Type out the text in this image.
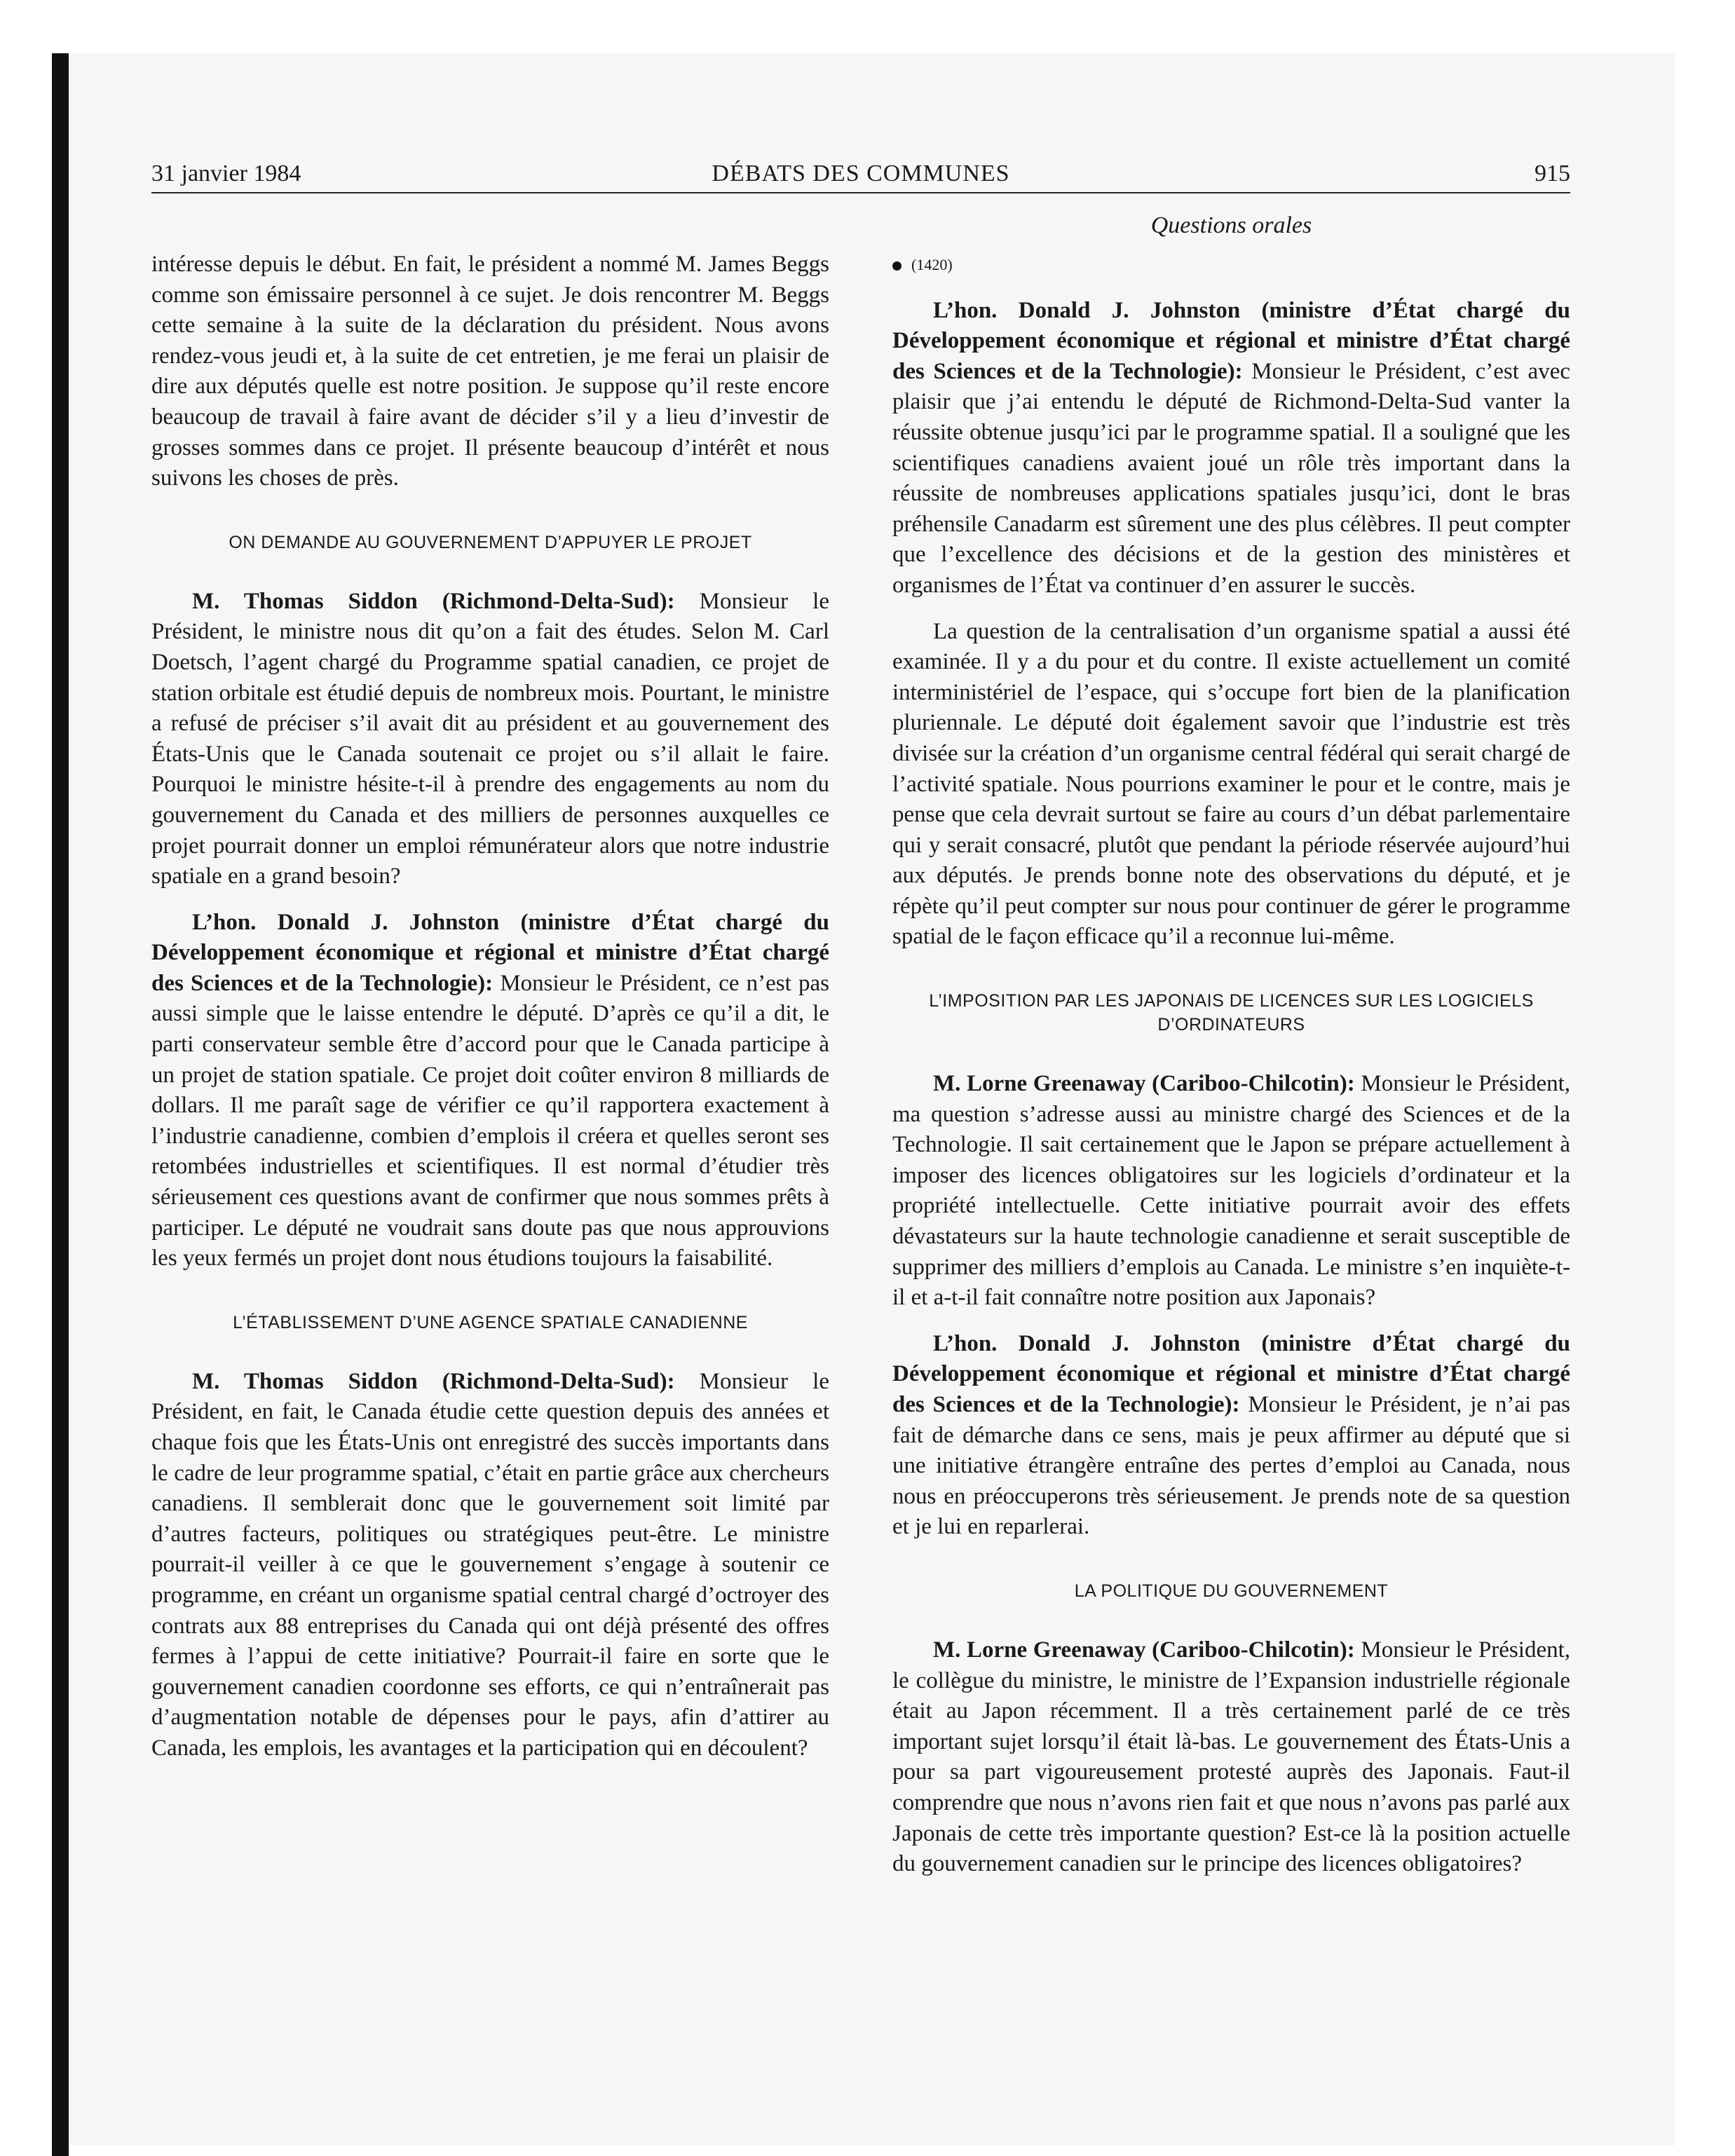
31 janvier 1984	DÉBATS DES COMMUNES	915
Questions orales

intéresse depuis le début. En fait, le président a nommé M. James Beggs comme son émissaire personnel à ce sujet. Je dois rencontrer M. Beggs cette semaine à la suite de la déclaration du président. Nous avons rendez-vous jeudi et, à la suite de cet entretien, je me ferai un plaisir de dire aux députés quelle est notre position. Je suppose qu’il reste encore beaucoup de travail à faire avant de décider s’il y a lieu d’investir de grosses sommes dans ce projet. Il présente beaucoup d’intérêt et nous suivons les choses de près.

ON DEMANDE AU GOUVERNEMENT D’APPUYER LE PROJET

M. Thomas Siddon (Richmond-Delta-Sud): Monsieur le Président, le ministre nous dit qu’on a fait des études. Selon M. Carl Doetsch, l’agent chargé du Programme spatial canadien, ce projet de station orbitale est étudié depuis de nombreux mois. Pourtant, le ministre a refusé de préciser s’il avait dit au président et au gouvernement des États-Unis que le Canada soutenait ce projet ou s’il allait le faire. Pourquoi le ministre hésite-t-il à prendre des engagements au nom du gouvernement du Canada et des milliers de personnes auxquelles ce projet pourrait donner un emploi rémunérateur alors que notre industrie spatiale en a grand besoin?

L’hon. Donald J. Johnston (ministre d’État chargé du Développement économique et régional et ministre d’État chargé des Sciences et de la Technologie): Monsieur le Président, ce n’est pas aussi simple que le laisse entendre le député. D’après ce qu’il a dit, le parti conservateur semble être d’accord pour que le Canada participe à un projet de station spatiale. Ce projet doit coûter environ 8 milliards de dollars. Il me paraît sage de vérifier ce qu’il rapportera exactement à l’industrie canadienne, combien d’emplois il créera et quelles seront ses retombées industrielles et scientifiques. Il est normal d’étudier très sérieusement ces questions avant de confirmer que nous sommes prêts à participer. Le député ne voudrait sans doute pas que nous approuvions les yeux fermés un projet dont nous étudions toujours la faisabilité.

L’ÉTABLISSEMENT D’UNE AGENCE SPATIALE CANADIENNE

M. Thomas Siddon (Richmond-Delta-Sud): Monsieur le Président, en fait, le Canada étudie cette question depuis des années et chaque fois que les États-Unis ont enregistré des succès importants dans le cadre de leur programme spatial, c’était en partie grâce aux chercheurs canadiens. Il semblerait donc que le gouvernement soit limité par d’autres facteurs, politiques ou stratégiques peut-être. Le ministre pourrait-il veiller à ce que le gouvernement s’engage à soutenir ce programme, en créant un organisme spatial central chargé d’octroyer des contrats aux 88 entreprises du Canada qui ont déjà présenté des offres fermes à l’appui de cette initiative? Pourrait-il faire en sorte que le gouvernement canadien coordonne ses efforts, ce qui n’entraînerait pas d’augmentation notable de dépenses pour le pays, afin d’attirer au Canada, les emplois, les avantages et la participation qui en découlent?

$^{(1420)}$

L’hon. Donald J. Johnston (ministre d’État chargé du Développement économique et régional et ministre d’État chargé des Sciences et de la Technologie): Monsieur le Président, c’est avec plaisir que j’ai entendu le député de Richmond-Delta-Sud vanter la réussite obtenue jusqu’ici par le programme spatial. Il a souligné que les scientifiques canadiens avaient joué un rôle très important dans la réussite de nombreuses applications spatiales jusqu’ici, dont le bras préhensile Canadarm est sûrement une des plus célèbres. Il peut compter que l’excellence des décisions et de la gestion des ministères et organismes de l’État va continuer d’en assurer le succès.

La question de la centralisation d’un organisme spatial a aussi été examinée. Il y a du pour et du contre. Il existe actuellement un comité interministériel de l’espace, qui s’occupe fort bien de la planification pluriennale. Le député doit également savoir que l’industrie est très divisée sur la création d’un organisme central fédéral qui serait chargé de l’activité spatiale. Nous pourrions examiner le pour et le contre, mais je pense que cela devrait surtout se faire au cours d’un débat parlementaire qui y serait consacré, plutôt que pendant la période réservée aujourd’hui aux députés. Je prends bonne note des observations du député, et je répète qu’il peut compter sur nous pour continuer de gérer le programme spatial de le façon efficace qu’il a reconnue lui-même.

L’IMPOSITION PAR LES JAPONAIS DE LICENCES SUR LES LOGICIELS D’ORDINATEURS

M. Lorne Greenaway (Cariboo-Chilcotin): Monsieur le Président, ma question s’adresse aussi au ministre chargé des Sciences et de la Technologie. Il sait certainement que le Japon se prépare actuellement à imposer des licences obligatoires sur les logiciels d’ordinateur et la propriété intellectuelle. Cette initiative pourrait avoir des effets dévastateurs sur la haute technologie canadienne et serait susceptible de supprimer des milliers d’emplois au Canada. Le ministre s’en inquiète-t-il et a-t-il fait connaître notre position aux Japonais?

L’hon. Donald J. Johnston (ministre d’État chargé du Développement économique et régional et ministre d’État chargé des Sciences et de la Technologie): Monsieur le Président, je n’ai pas fait de démarche dans ce sens, mais je peux affirmer au député que si une initiative étrangère entraîne des pertes d’emploi au Canada, nous nous en préoccuperons très sérieusement. Je prends note de sa question et je lui en reparlerai.

LA POLITIQUE DU GOUVERNEMENT

M. Lorne Greenaway (Cariboo-Chilcotin): Monsieur le Président, le collègue du ministre, le ministre de l’Expansion industrielle régionale était au Japon récemment. Il a très certainement parlé de ce très important sujet lorsqu’il était là-bas. Le gouvernement des États-Unis a pour sa part vigoureusement protesté auprès des Japonais. Faut-il comprendre que nous n’avons rien fait et que nous n’avons pas parlé aux Japonais de cette très importante question? Est-ce là la position actuelle du gouvernement canadien sur le principe des licences obligatoires?
